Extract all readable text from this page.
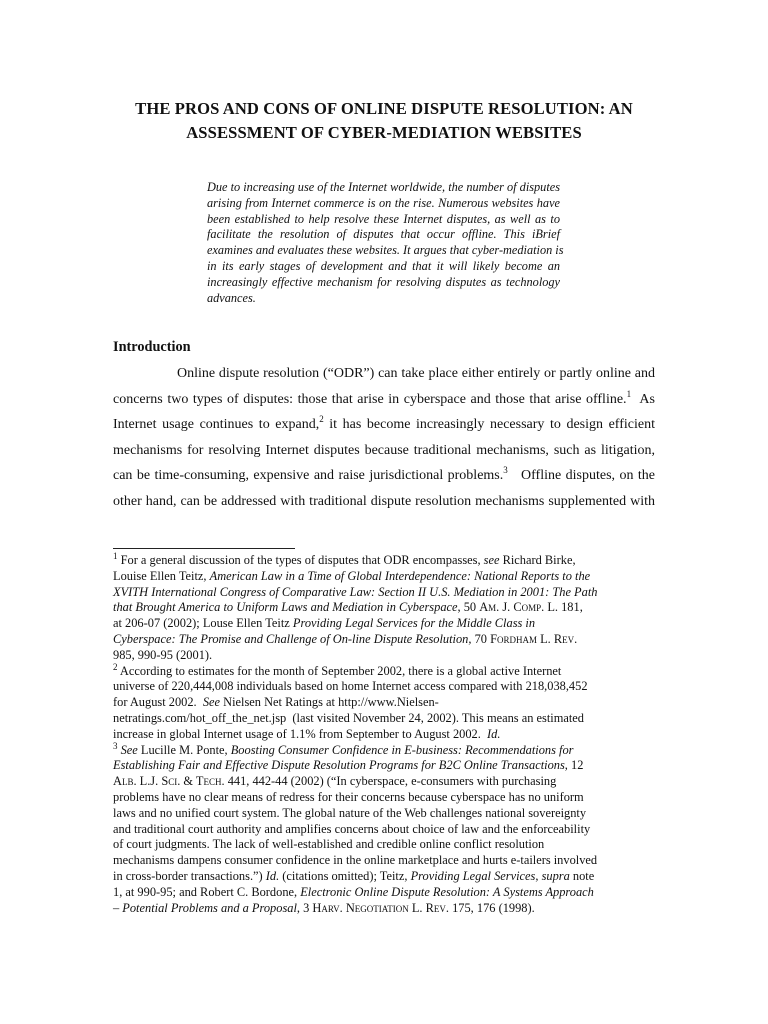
THE PROS AND CONS OF ONLINE DISPUTE RESOLUTION: AN
ASSESSMENT OF CYBER-MEDIATION WEBSITES
Due to increasing use of the Internet worldwide, the number of disputes
arising from Internet commerce is on the rise. Numerous websites have
been established to help resolve these Internet disputes, as well as to
facilitate the resolution of disputes that occur offline. This iBrief
examines and evaluates these websites. It argues that cyber-mediation is
in its early stages of development and that it will likely become an
increasingly effective mechanism for resolving disputes as technology
advances.
Introduction
Online dispute resolution (“ODR”) can take place either entirely or partly online and
concerns two types of disputes: those that arise in cyberspace and those that arise offline.$^1$  As
Internet usage continues to expand,$^2$ it has become increasingly necessary to design efficient
mechanisms for resolving Internet disputes because traditional mechanisms, such as litigation,
can be time-consuming, expensive and raise jurisdictional problems.$^3$   Offline disputes, on the
other hand, can be addressed with traditional dispute resolution mechanisms supplemented with
$^1$ For a general discussion of the types of disputes that ODR encompasses, see Richard Birke,
Louise Ellen Teitz, American Law in a Time of Global Interdependence: National Reports to the
XVITH International Congress of Comparative Law: Section II U.S. Mediation in 2001: The Path
that Brought America to Uniform Laws and Mediation in Cyberspace, 50 Am. J. Comp. L. 181,
at 206-07 (2002); Louse Ellen Teitz Providing Legal Services for the Middle Class in
Cyberspace: The Promise and Challenge of On-line Dispute Resolution, 70 Fordham L. Rev.
985, 990-95 (2001).
$^2$ According to estimates for the month of September 2002, there is a global active Internet
universe of 220,444,008 individuals based on home Internet access compared with 218,038,452
for August 2002.  See Nielsen Net Ratings at http://www.Nielsen-
netratings.com/hot_off_the_net.jsp  (last visited November 24, 2002). This means an estimated
increase in global Internet usage of 1.1% from September to August 2002.  Id.
$^3$ See Lucille M. Ponte, Boosting Consumer Confidence in E-business: Recommendations for
Establishing Fair and Effective Dispute Resolution Programs for B2C Online Transactions, 12
Alb. L.J. Sci. & Tech. 441, 442-44 (2002) (“In cyberspace, e-consumers with purchasing
problems have no clear means of redress for their concerns because cyberspace has no uniform
laws and no unified court system. The global nature of the Web challenges national sovereignty
and traditional court authority and amplifies concerns about choice of law and the enforceability
of court judgments. The lack of well-established and credible online conflict resolution
mechanisms dampens consumer confidence in the online marketplace and hurts e-tailers involved
in cross-border transactions.”) Id. (citations omitted); Teitz, Providing Legal Services, supra note
1, at 990-95; and Robert C. Bordone, Electronic Online Dispute Resolution: A Systems Approach
– Potential Problems and a Proposal, 3 Harv. Negotiation L. Rev. 175, 176 (1998).
